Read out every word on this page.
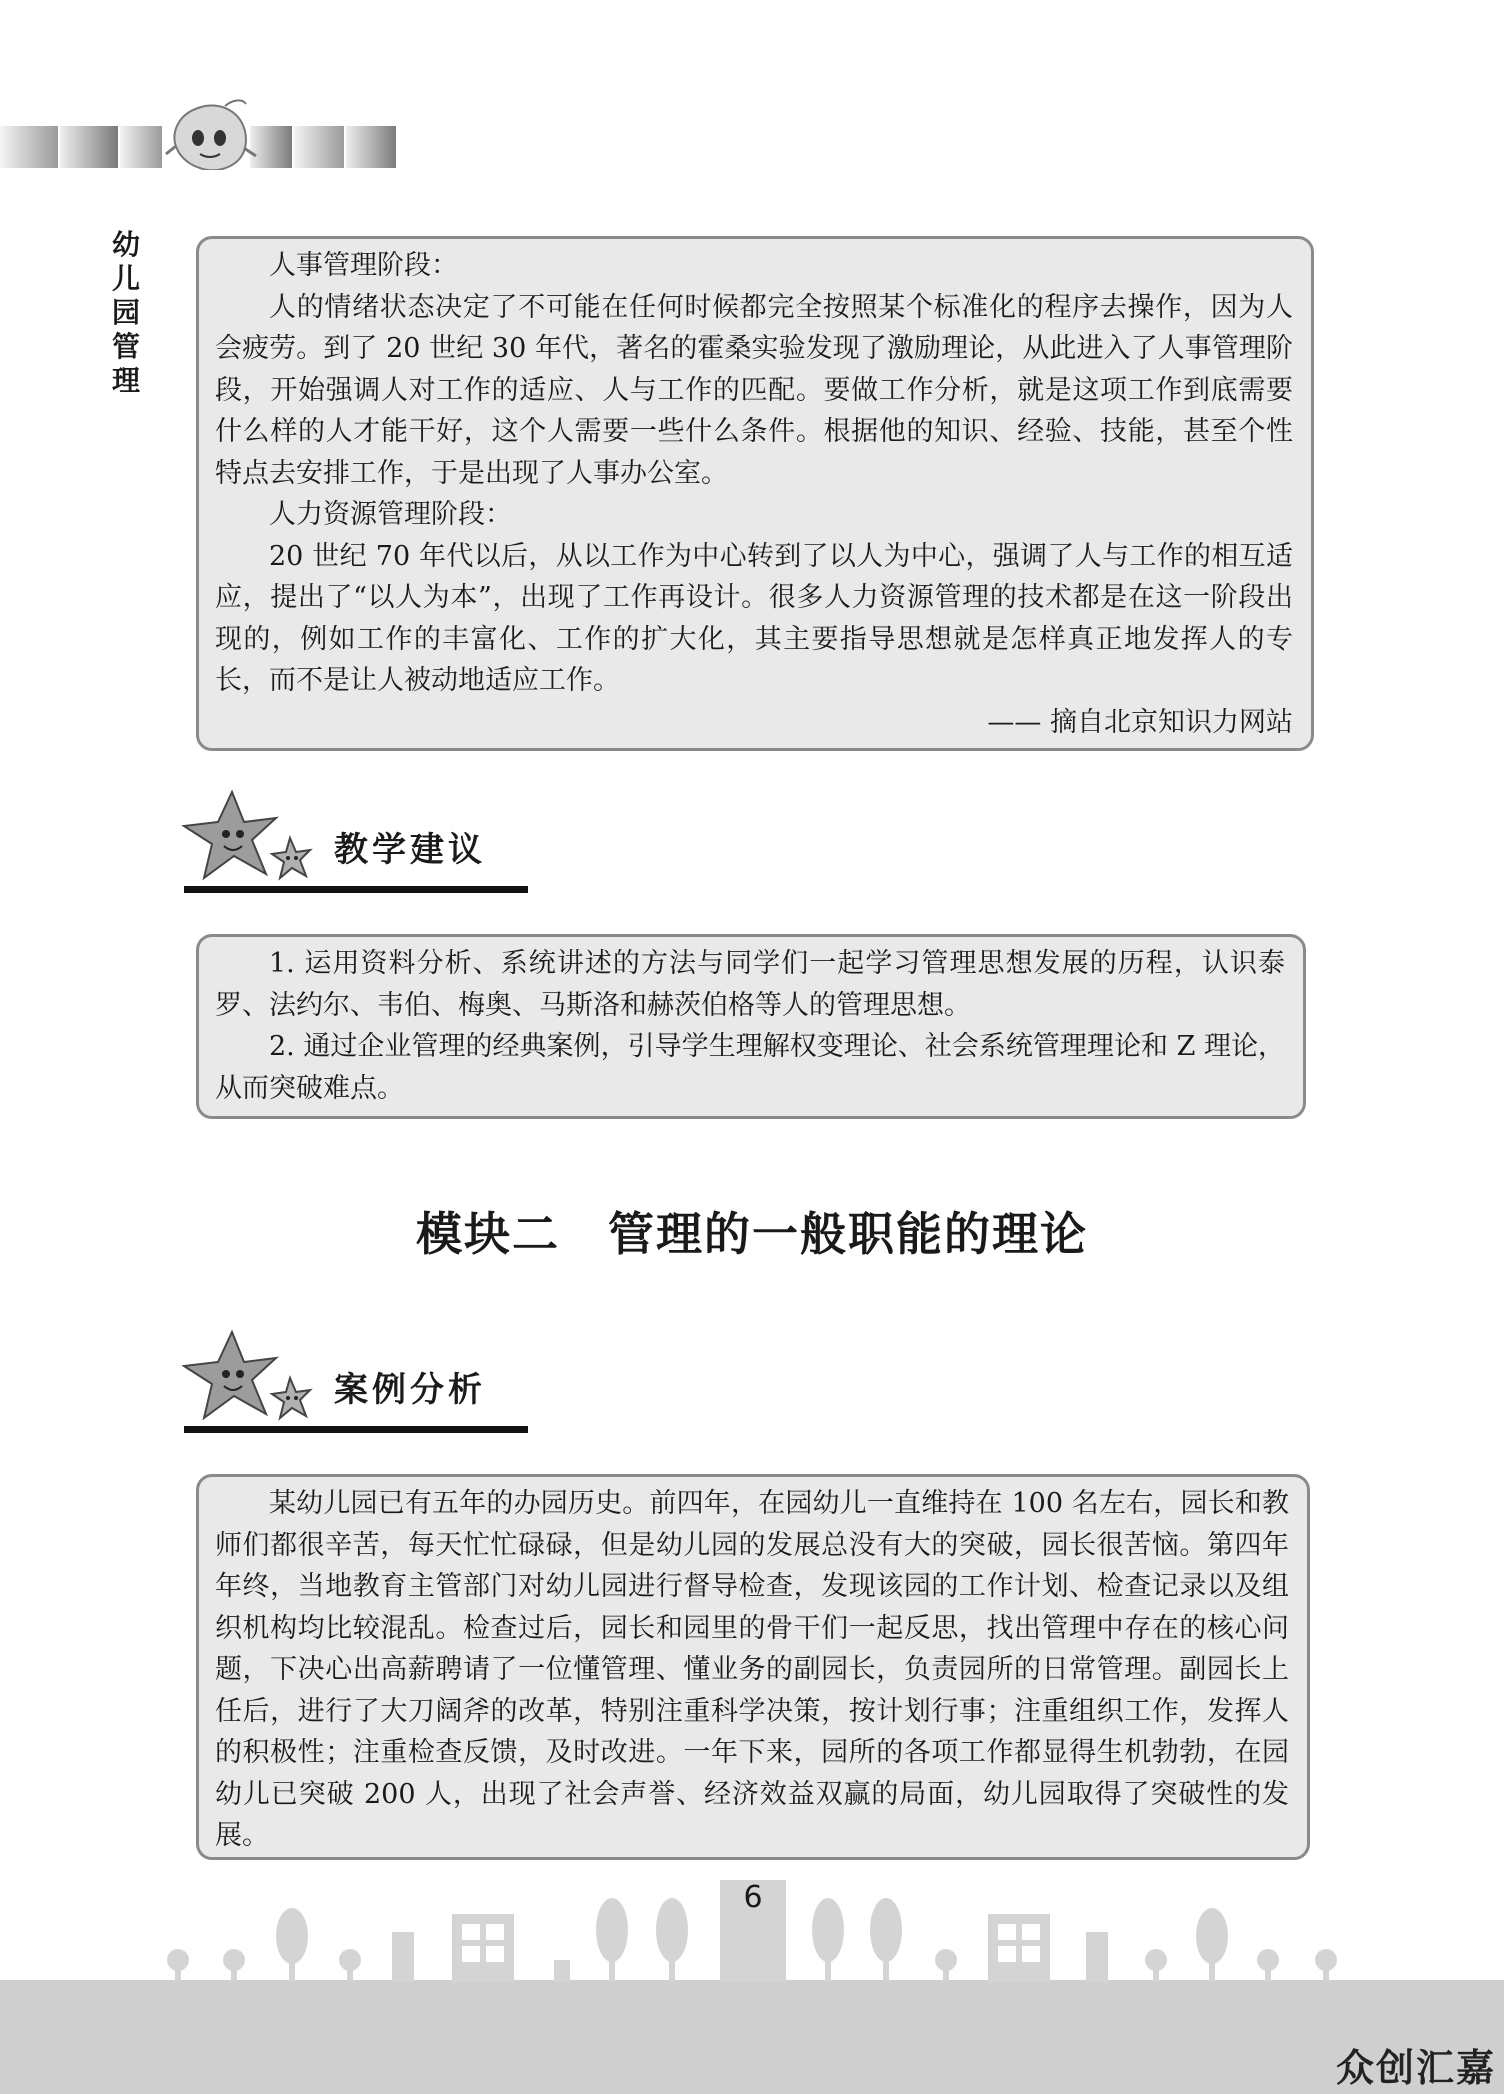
幼
儿
园
管
理

人事管理阶段：

人的情绪状态决定了不可能在任何时候都完全按照某个标准化的程序去操作，因为人会疲劳。到了 20 世纪 30 年代，著名的霍桑实验发现了激励理论，从此进入了人事管理阶段，开始强调人对工作的适应、人与工作的匹配。要做工作分析，就是这项工作到底需要什么样的人才能干好，这个人需要一些什么条件。根据他的知识、经验、技能，甚至个性特点去安排工作，于是出现了人事办公室。

人力资源管理阶段：

20 世纪 70 年代以后，从以工作为中心转到了以人为中心，强调了人与工作的相互适应，提出了“以人为本”，出现了工作再设计。很多人力资源管理的技术都是在这一阶段出现的，例如工作的丰富化、工作的扩大化，其主要指导思想就是怎样真正地发挥人的专长，而不是让人被动地适应工作。

—— 摘自北京知识力网站

教学建议

1. 运用资料分析、系统讲述的方法与同学们一起学习管理思想发展的历程，认识泰罗、法约尔、韦伯、梅奥、马斯洛和赫茨伯格等人的管理思想。

2. 通过企业管理的经典案例，引导学生理解权变理论、社会系统管理理论和 Z 理论，从而突破难点。

模块二　管理的一般职能的理论
案例分析

某幼儿园已有五年的办园历史。前四年，在园幼儿一直维持在 100 名左右，园长和教师们都很辛苦，每天忙忙碌碌，但是幼儿园的发展总没有大的突破，园长很苦恼。第四年年终，当地教育主管部门对幼儿园进行督导检查，发现该园的工作计划、检查记录以及组织机构均比较混乱。检查过后，园长和园里的骨干们一起反思，找出管理中存在的核心问题，下决心出高薪聘请了一位懂管理、懂业务的副园长，负责园所的日常管理。副园长上任后，进行了大刀阔斧的改革，特别注重科学决策，按计划行事；注重组织工作，发挥人的积极性；注重检查反馈，及时改进。一年下来，园所的各项工作都显得生机勃勃，在园幼儿已突破 200 人，出现了社会声誉、经济效益双赢的局面，幼儿园取得了突破性的发展。

6
众创汇嘉
